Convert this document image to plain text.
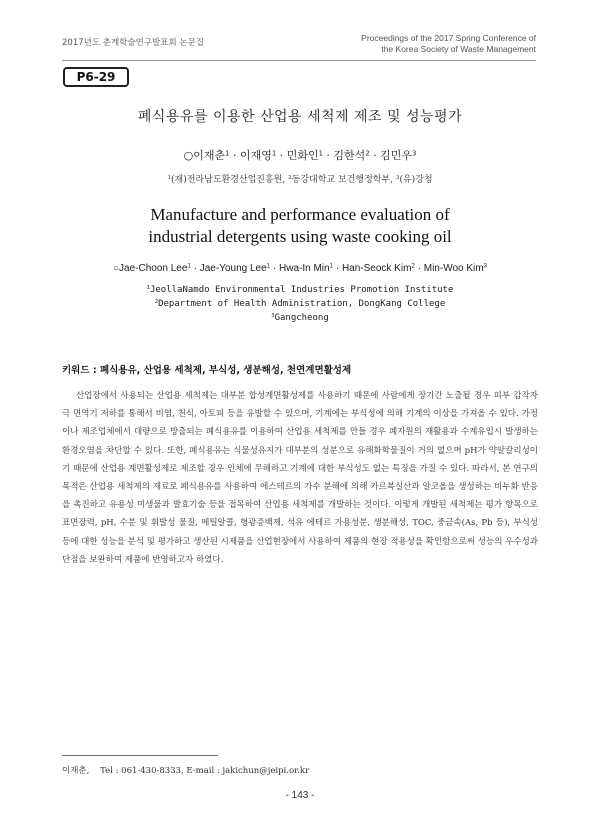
2017년도 춘계학술연구발표회 논문집	Proceedings of the 2017 Spring Conference of
the Korea Society of Waste Management
P6-29
폐식용유를 이용한 산업용 세척제 제조 및 성능평가
○이재춘$^1$ · 이재영$^1$ · 민화인$^1$ · 김한석$^2$ · 김민우$^3$
$^1$(재)전라남도환경산업진흥원, $^2$동강대학교 보건행정학부, $^3$(유)강청
Manufacture and performance evaluation of
industrial detergents using waste cooking oil
○Jae-Choon Lee$^1$ · Jae-Young Lee$^1$ · Hwa-In Min$^1$ · Han-Seock Kim$^2$ · Min-Woo Kim$^3$
$^1$JeollaNamdo Environmental Industries Promotion Institute
$^2$Department of Health Administration, DongKang College
$^3$Gangcheong
키워드 : 폐식용유, 산업용 세척제, 부식성, 생분해성, 천연계면활성제

산업장에서 사용되는 산업용 세척제는 대부분 합성계면활성제를 사용하기 때문에 사람에게 장기간 노출될 경우 피부 감작자극 면역기 저하를 통해서 비염, 천식, 아토피 등을 유발할 수 있으며, 기계에는 부식성에 의해 기계의 이상을 가져올 수 있다. 가정이나 제조업체에서 대량으로 방출되는 폐식용유를 이용하여 산업용 세척제를 만들 경우 폐자원의 재활용과 수계유입시 발생하는 환경오염을 차단할 수 있다. 또한, 폐식용유는 식물성유지가 대부분의 성분으로 유해화학물질이 거의 없으며 pH가 약알칼리성이기 때문에 산업용 계면활성제로 제조할 경우 인체에 무해하고 기계에 대한 부식성도 없는 특징을 가질 수 있다. 따라서, 본 연구의 목적은 산업용 세척제의 재료로 폐식용유를 사용하여 에스테르의 가수 분해에 의해 카르복실산과 알코올을 생성하는 비누화 반응을 촉진하고 유용성 미생물과 발효기술 등을 접목하여 산업용 세척제를 개발하는 것이다. 이렇게 개발된 세척제는 평가 항목으로 표면장력, pH, 수분 및 휘발성 물질, 메틸알콜, 형광증백제, 석유 에테르 가용성분, 생분해성, TOC, 중금속(As, Pb 등), 부식성 등에 대한 성능을 분석 및 평가하고 생산된 시제품을 산업현장에서 사용하여 제품의 현장 적용성을 확인함으로써 성능의 우수성과 단점을 보완하여 제품에 반영하고자 하였다.

이재춘,    Tel : 061-430-8333, E-mail : jakichun@jeipi.or.kr
- 143 -
